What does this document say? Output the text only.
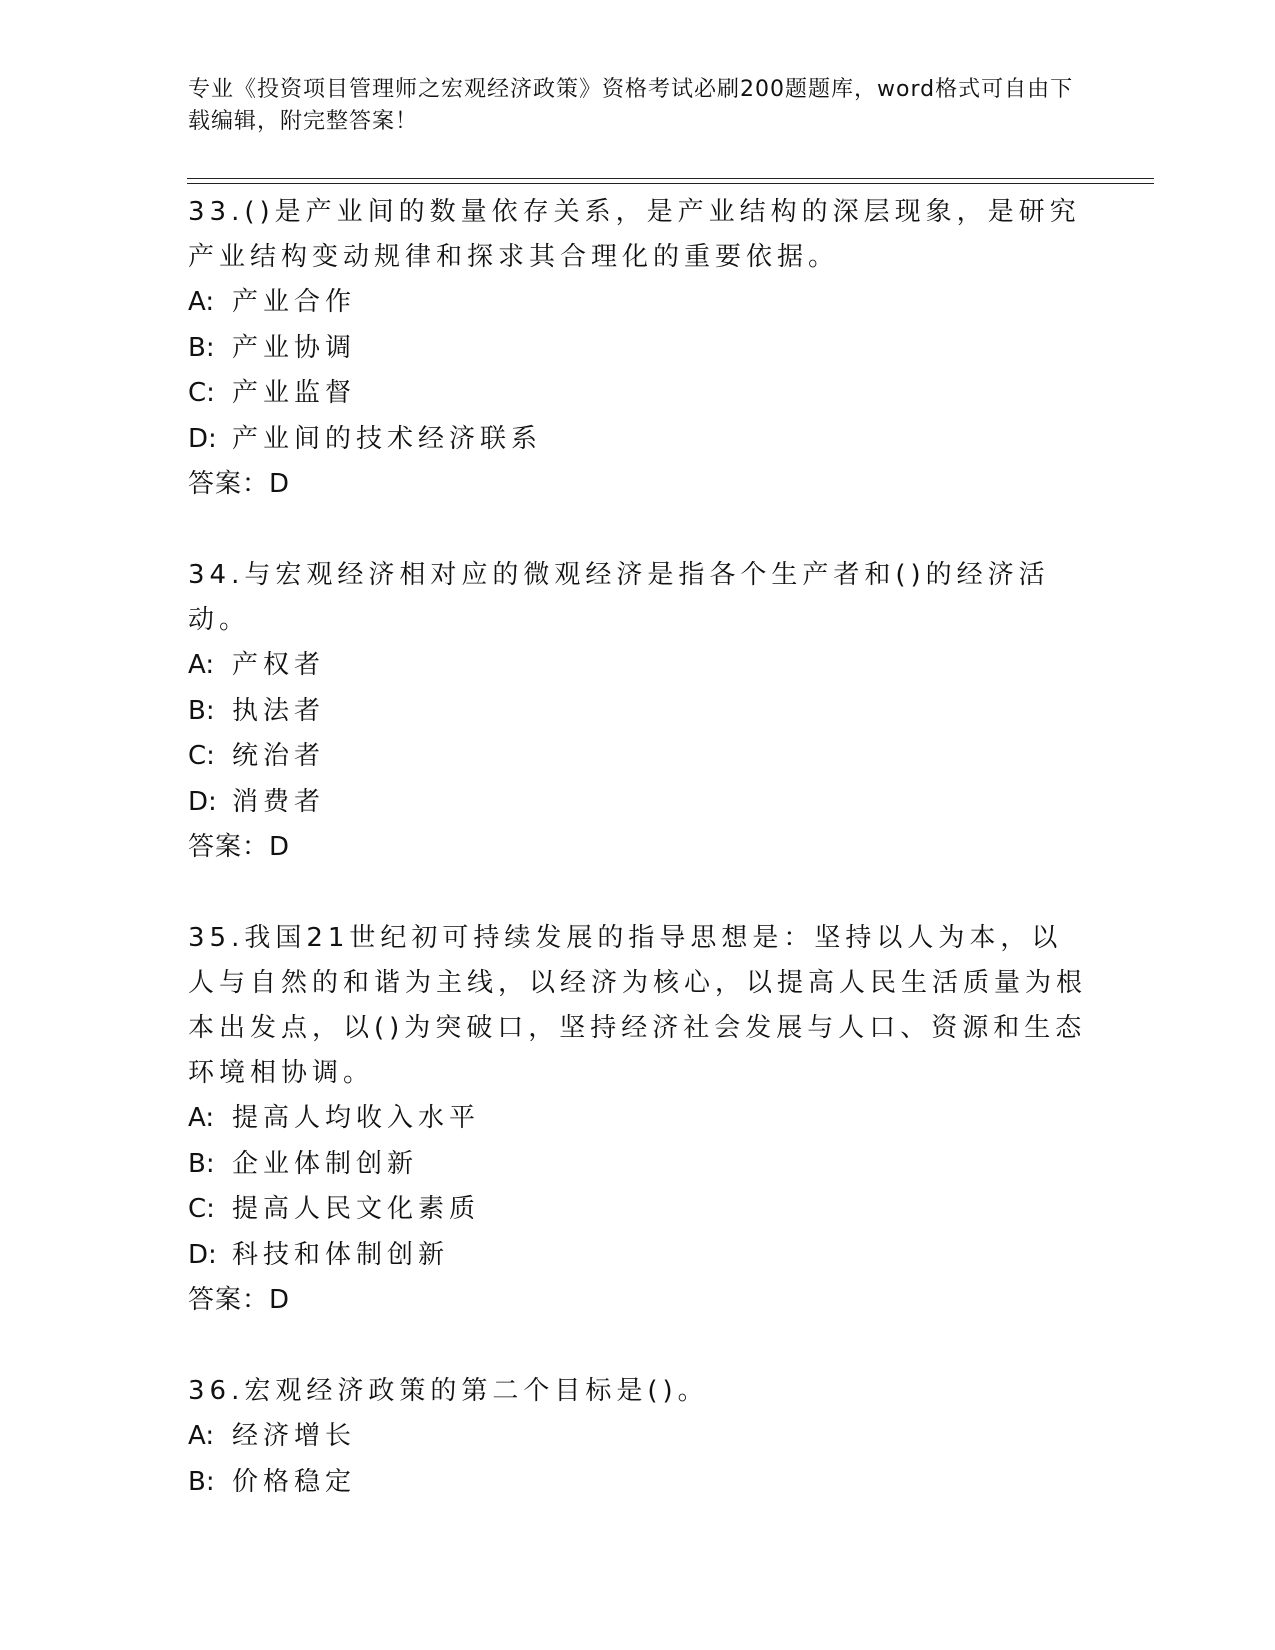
专业《投资项目管理师之宏观经济政策》资格考试必刷200题题库，word格式可自由下载编辑，附完整答案！

33.()是产业间的数量依存关系，是产业结构的深层现象，是研究产业结构变动规律和探求其合理化的重要依据。

A: 产业合作
B: 产业协调
C: 产业监督
D: 产业间的技术经济联系
答案：D

34.与宏观经济相对应的微观经济是指各个生产者和()的经济活动。

A: 产权者
B: 执法者
C: 统治者
D: 消费者
答案：D

35.我国21世纪初可持续发展的指导思想是：坚持以人为本，以人与自然的和谐为主线，以经济为核心，以提高人民生活质量为根本出发点，以()为突破口，坚持经济社会发展与人口、资源和生态环境相协调。

A: 提高人均收入水平
B: 企业体制创新
C: 提高人民文化素质
D: 科技和体制创新
答案：D

36.宏观经济政策的第二个目标是()。

A: 经济增长
B: 价格稳定
